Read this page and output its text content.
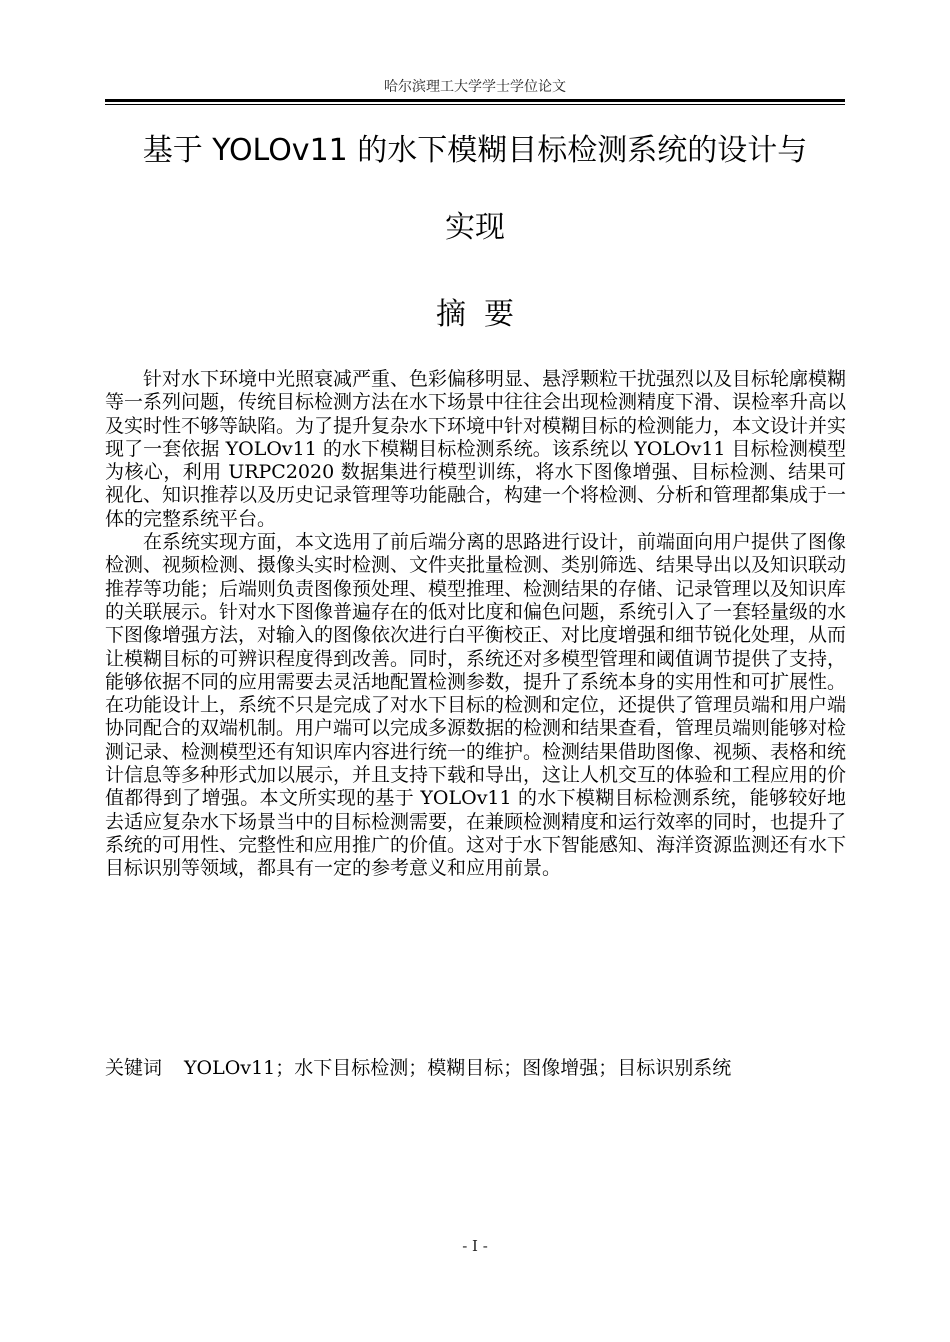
哈尔滨理工大学学士学位论文
基于 YOLOv11 的水下模糊目标检测系统的设计与
实现
摘要

针对水下环境中光照衰减严重、色彩偏移明显、悬浮颗粒干扰强烈以及目标轮廓模糊等一系列问题，传统目标检测方法在水下场景中往往会出现检测精度下滑、误检率升高以及实时性不够等缺陷。为了提升复杂水下环境中针对模糊目标的检测能力，本文设计并实现了一套依据 YOLOv11 的水下模糊目标检测系统。该系统以 YOLOv11 目标检测模型为核心，利用 URPC2020 数据集进行模型训练，将水下图像增强、目标检测、结果可视化、知识推荐以及历史记录管理等功能融合，构建一个将检测、分析和管理都集成于一体的完整系统平台。

在系统实现方面，本文选用了前后端分离的思路进行设计，前端面向用户提供了图像检测、视频检测、摄像头实时检测、文件夹批量检测、类别筛选、结果导出以及知识联动推荐等功能；后端则负责图像预处理、模型推理、检测结果的存储、记录管理以及知识库的关联展示。针对水下图像普遍存在的低对比度和偏色问题，系统引入了一套轻量级的水下图像增强方法，对输入的图像依次进行白平衡校正、对比度增强和细节锐化处理，从而让模糊目标的可辨识程度得到改善。同时，系统还对多模型管理和阈值调节提供了支持，能够依据不同的应用需要去灵活地配置检测参数，提升了系统本身的实用性和可扩展性。在功能设计上，系统不只是完成了对水下目标的检测和定位，还提供了管理员端和用户端协同配合的双端机制。用户端可以完成多源数据的检测和结果查看，管理员端则能够对检测记录、检测模型还有知识库内容进行统一的维护。检测结果借助图像、视频、表格和统计信息等多种形式加以展示，并且支持下载和导出，这让人机交互的体验和工程应用的价值都得到了增强。本文所实现的基于 YOLOv11 的水下模糊目标检测系统，能够较好地去适应复杂水下场景当中的目标检测需要，在兼顾检测精度和运行效率的同时，也提升了系统的可用性、完整性和应用推广的价值。这对于水下智能感知、海洋资源监测还有水下目标识别等领域，都具有一定的参考意义和应用前景。

关键词 YOLOv11；水下目标检测；模糊目标；图像增强；目标识别系统
- I -
